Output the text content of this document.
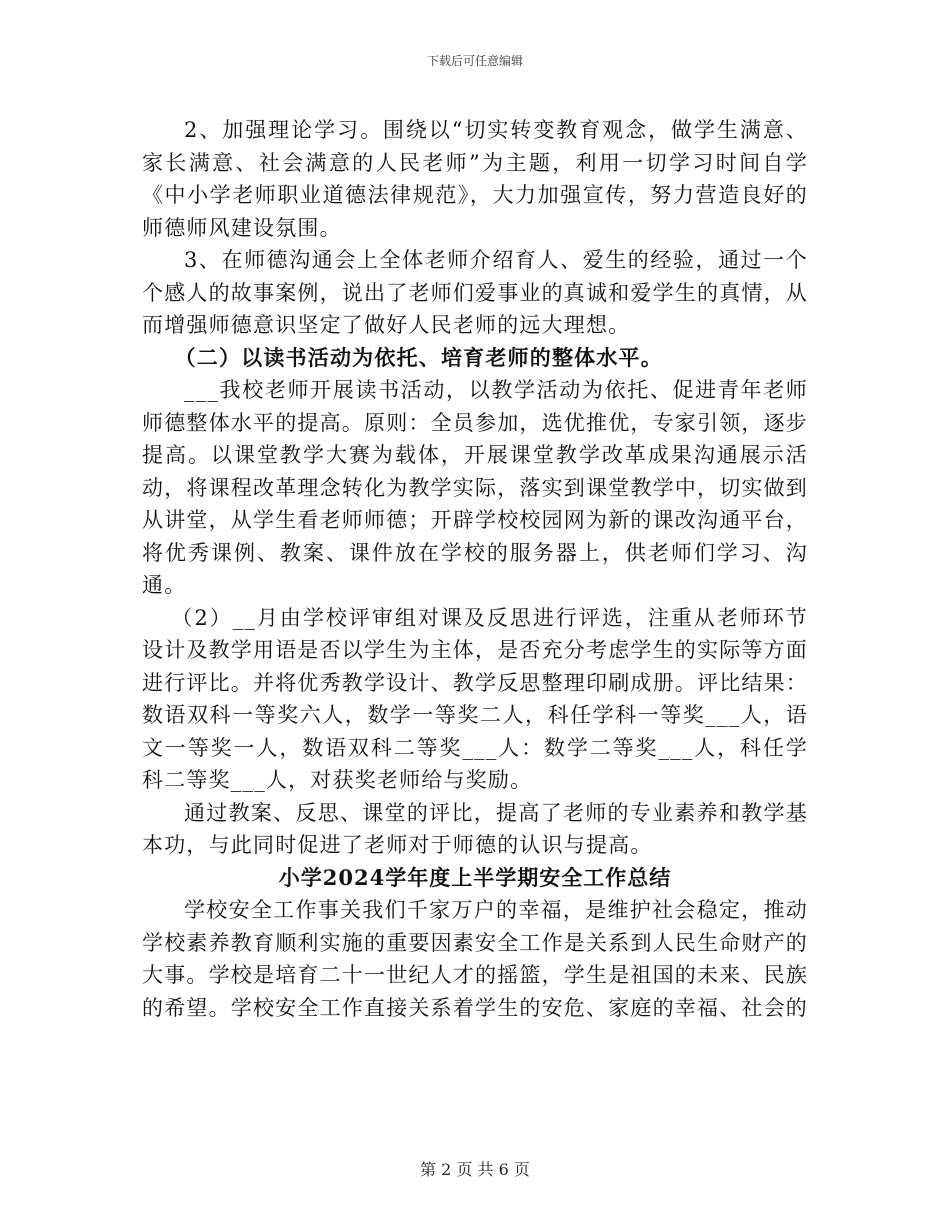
下载后可任意编辑

2、加强理论学习。围绕以“切实转变教育观念，做学生满意、家长满意、社会满意的人民老师”为主题，利用一切学习时间自学《中小学老师职业道德法律规范》，大力加强宣传，努力营造良好的师德师风建设氛围。

3、在师德沟通会上全体老师介绍育人、爱生的经验，通过一个个感人的故事案例，说出了老师们爱事业的真诚和爱学生的真情，从而增强师德意识坚定了做好人民老师的远大理想。

（二）以读书活动为依托、培育老师的整体水平。

___我校老师开展读书活动，以教学活动为依托、促进青年老师师德整体水平的提高。原则：全员参加，选优推优，专家引领，逐步提高。以课堂教学大赛为载体，开展课堂教学改革成果沟通展示活动，将课程改革理念转化为教学实际，落实到课堂教学中，切实做到从讲堂，从学生看老师师德；开辟学校校园网为新的课改沟通平台，将优秀课例、教案、课件放在学校的服务器上，供老师们学习、沟通。

（2）__月由学校评审组对课及反思进行评选，注重从老师环节设计及教学用语是否以学生为主体，是否充分考虑学生的实际等方面进行评比。并将优秀教学设计、教学反思整理印刷成册。评比结果：数语双科一等奖六人，数学一等奖二人，科任学科一等奖___人，语文一等奖一人，数语双科二等奖___人：数学二等奖___人，科任学科二等奖___人，对获奖老师给与奖励。

通过教案、反思、课堂的评比，提高了老师的专业素养和教学基本功，与此同时促进了老师对于师德的认识与提高。

小学2024学年度上半学期安全工作总结

学校安全工作事关我们千家万户的幸福，是维护社会稳定，推动学校素养教育顺利实施的重要因素安全工作是关系到人民生命财产的大事。学校是培育二十一世纪人才的摇篮，学生是祖国的未来、民族的希望。学校安全工作直接关系着学生的安危、家庭的幸福、社会的

第 2 页 共 6 页
